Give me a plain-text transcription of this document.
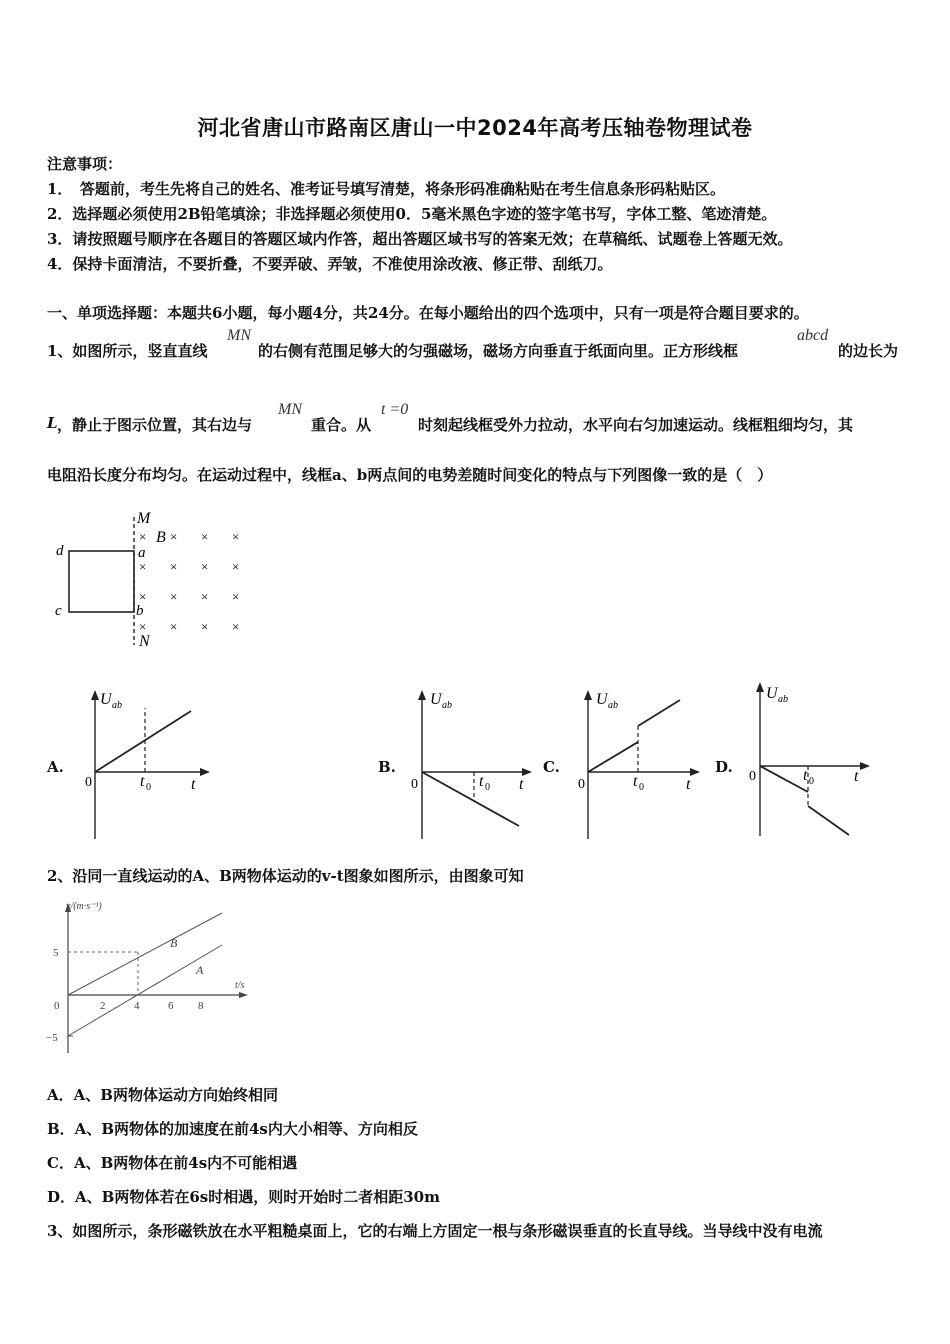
河北省唐山市路南区唐山一中2024年高考压轴卷物理试卷
注意事项：
1．　答题前，考生先将自己的姓名、准考证号填写清楚，将条形码准确粘贴在考生信息条形码粘贴区。
2．选择题必须使用2B铅笔填涂；非选择题必须使用0．5毫米黑色字迹的签字笔书写，字体工整、笔迹清楚。
3．请按照题号顺序在各题目的答题区域内作答，超出答题区域书写的答案无效；在草稿纸、试题卷上答题无效。
4．保持卡面清洁，不要折叠，不要弄破、弄皱，不准使用涂改液、修正带、刮纸刀。
一、单项选择题：本题共6小题，每小题4分，共24分。在每小题给出的四个选项中，只有一项是符合题目要求的。
1、如图所示，竖直直线
MN
的右侧有范围足够大的匀强磁场，磁场方向垂直于纸面向里。正方形线框
abcd
的边长为
L ，静止于图示位置，其右边与
MN
重合。从
t =0
时刻起线框受外力拉动，水平向右匀加速运动。线框粗细均匀，其
电阻沿长度分布均匀。在运动过程中，线框a、b两点间的电势差随时间变化的特点与下列图像一致的是（　）
M
N
a
b
c
d
B
× × × ×
× × × ×
× × × ×
× × × ×
A.
U ab
0	t 0	t
B.
U ab
0	t 0 t
C.
U ab
0	t 0	t
D.
U ab
0	t 0	t
2、沿同一直线运动的A、B两物体运动的v-t图象如图所示，由图象可知
v/(m·s⁻¹)
t/s
5
0
−5
2	4	6 8
B
A
A．A、B两物体运动方向始终相同
B．A、B两物体的加速度在前4s内大小相等、方向相反
C．A、B两物体在前4s内不可能相遇
D．A、B两物体若在6s时相遇，则时开始时二者相距30m
3、如图所示，条形磁铁放在水平粗糙桌面上，它的右端上方固定一根与条形磁误垂直的长直导线。当导线中没有电流
